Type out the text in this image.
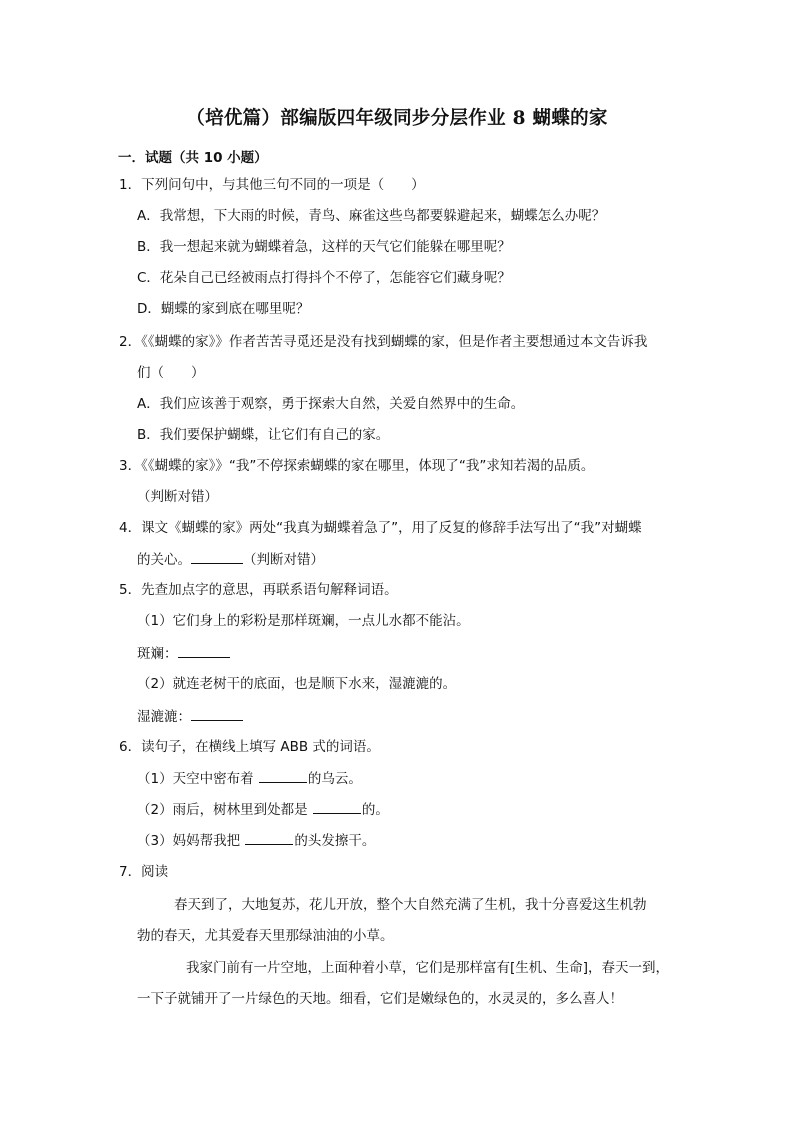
（培优篇）部编版四年级同步分层作业 8 蝴蝶的家
一．试题（共 10 小题）
1．下列问句中，与其他三句不同的一项是（　　）
A．我常想，下大雨的时候，青鸟、麻雀这些鸟都要躲避起来，蝴蝶怎么办呢？
B．我一想起来就为蝴蝶着急，这样的天气它们能躲在哪里呢？
C．花朵自己已经被雨点打得抖个不停了，怎能容它们藏身呢？
D．蝴蝶的家到底在哪里呢？
2．《《蝴蝶的家》》作者苦苦寻觅还是没有找到蝴蝶的家，但是作者主要想通过本文告诉我
们（　　）
A．我们应该善于观察，勇于探索大自然，关爱自然界中的生命。
B．我们要保护蝴蝶，让它们有自己的家。
3．《《蝴蝶的家》》“我”不停探索蝴蝶的家在哪里，体现了“我”求知若渴的品质。
（判断对错）
4．课文《蝴蝶的家》两处“我真为蝴蝶着急了”，用了反复的修辞手法写出了“我”对蝴蝶
的关心。	（判断对错）
5．先查加点字的意思，再联系语句解释词语。
（1）它们身上的彩粉是那样斑斓，一点儿水都不能沾。
斑斓：
（2）就连老树干的底面，也是顺下水来，湿漉漉的。
湿漉漉：
6．读句子，在横线上填写 ABB 式的词语。
（1）天空中密布着	的乌云。
（2）雨后，树林里到处都是	的。
（3）妈妈帮我把	的头发擦干。
7．阅读
春天到了，大地复苏，花儿开放，整个大自然充满了生机，我十分喜爱这生机勃
勃的春天，尤其爱春天里那绿油油的小草。
我家门前有一片空地，上面种着小草，它们是那样富有[生机、生命]，春天一到，
一下子就铺开了一片绿色的天地。细看，它们是嫩绿色的，水灵灵的，多么喜人！
